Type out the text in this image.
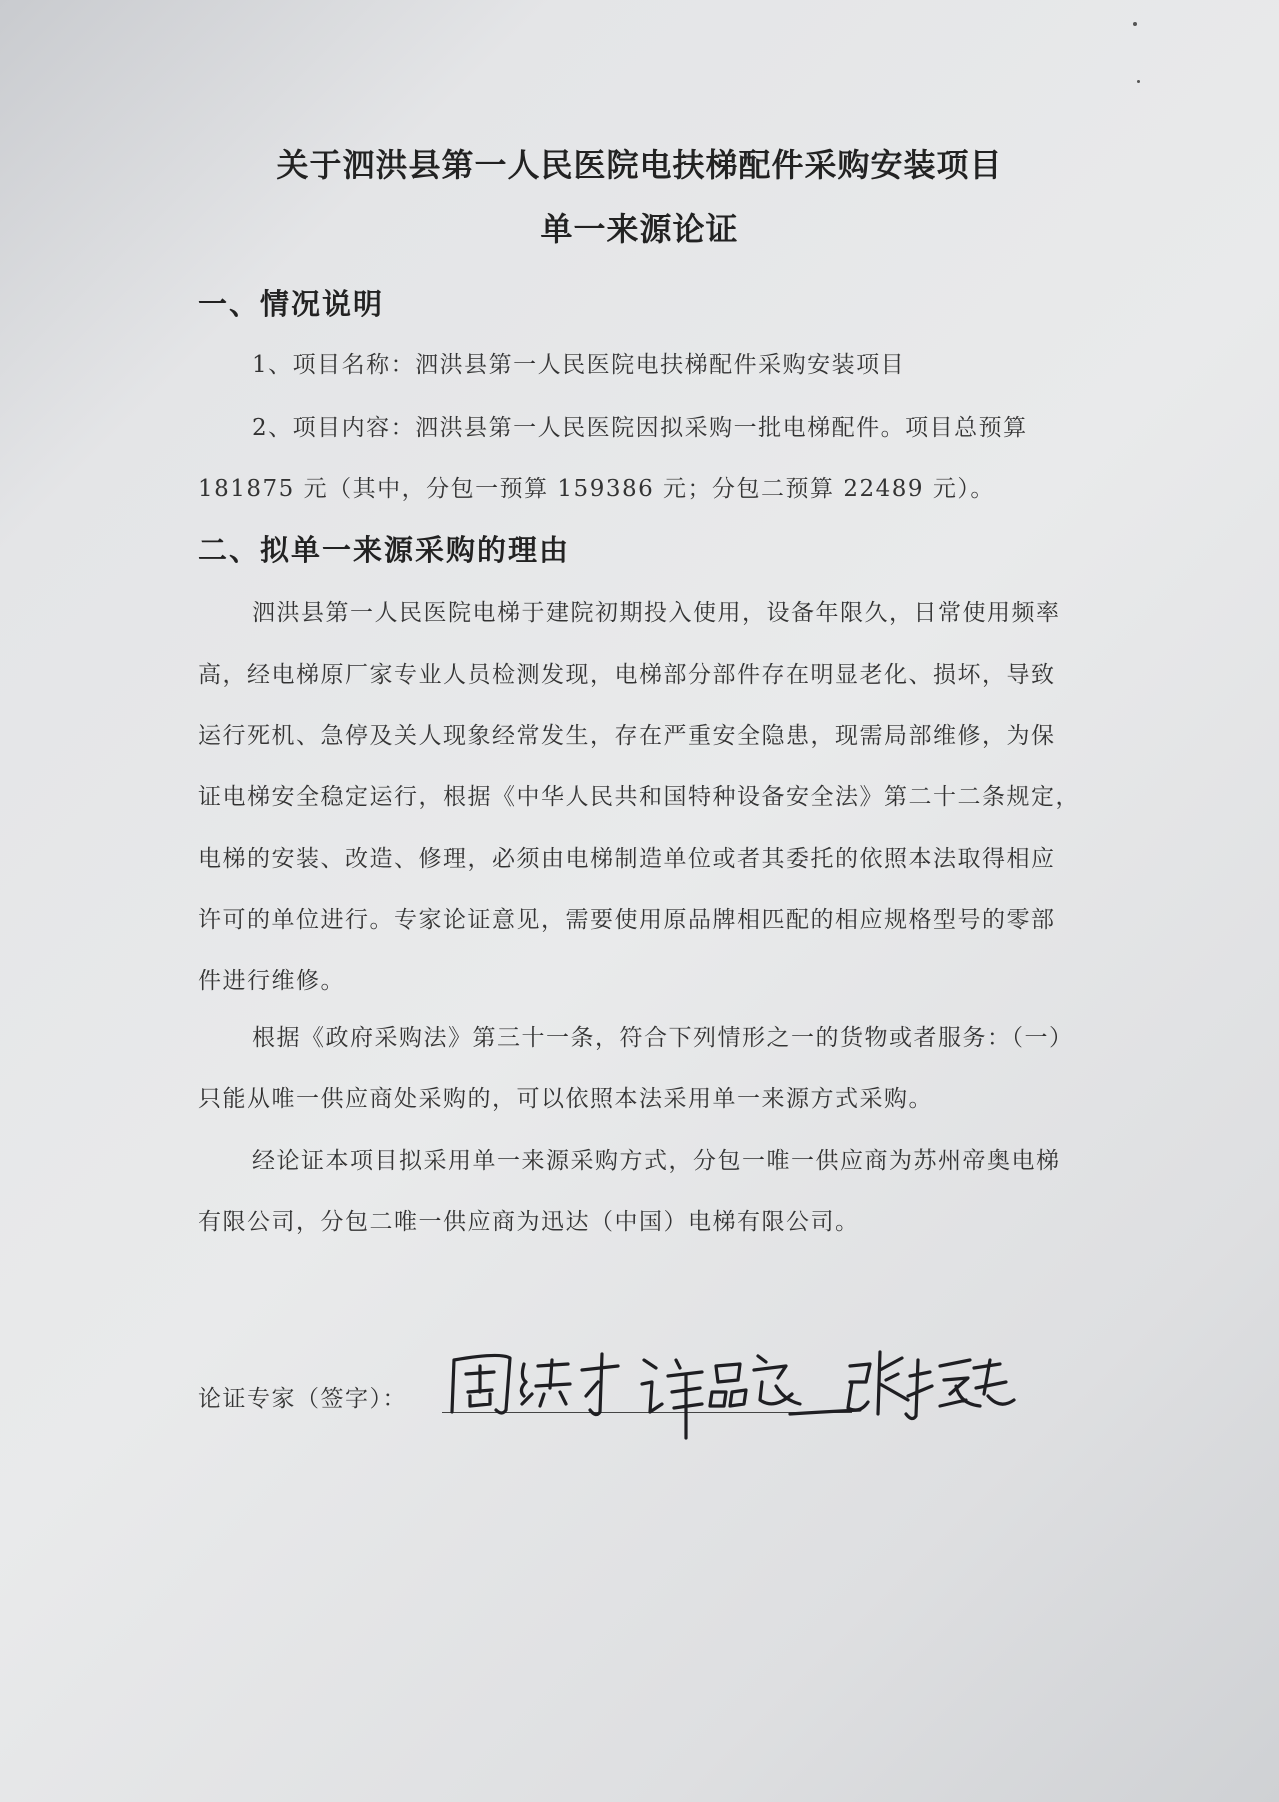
关于泗洪县第一人民医院电扶梯配件采购安装项目
单一来源论证
一、情况说明
1、项目名称：泗洪县第一人民医院电扶梯配件采购安装项目
2、项目内容：泗洪县第一人民医院因拟采购一批电梯配件。项目总预算
181875 元（其中，分包一预算 159386 元；分包二预算 22489 元）。
二、拟单一来源采购的理由
泗洪县第一人民医院电梯于建院初期投入使用，设备年限久，日常使用频率
高，经电梯原厂家专业人员检测发现，电梯部分部件存在明显老化、损坏，导致
运行死机、急停及关人现象经常发生，存在严重安全隐患，现需局部维修，为保
证电梯安全稳定运行，根据《中华人民共和国特种设备安全法》第二十二条规定，
电梯的安装、改造、修理，必须由电梯制造单位或者其委托的依照本法取得相应
许可的单位进行。专家论证意见，需要使用原品牌相匹配的相应规格型号的零部
件进行维修。
根据《政府采购法》第三十一条，符合下列情形之一的货物或者服务：（一）
只能从唯一供应商处采购的，可以依照本法采用单一来源方式采购。
经论证本项目拟采用单一来源采购方式，分包一唯一供应商为苏州帝奥电梯
有限公司，分包二唯一供应商为迅达（中国）电梯有限公司。
论证专家（签字）：
